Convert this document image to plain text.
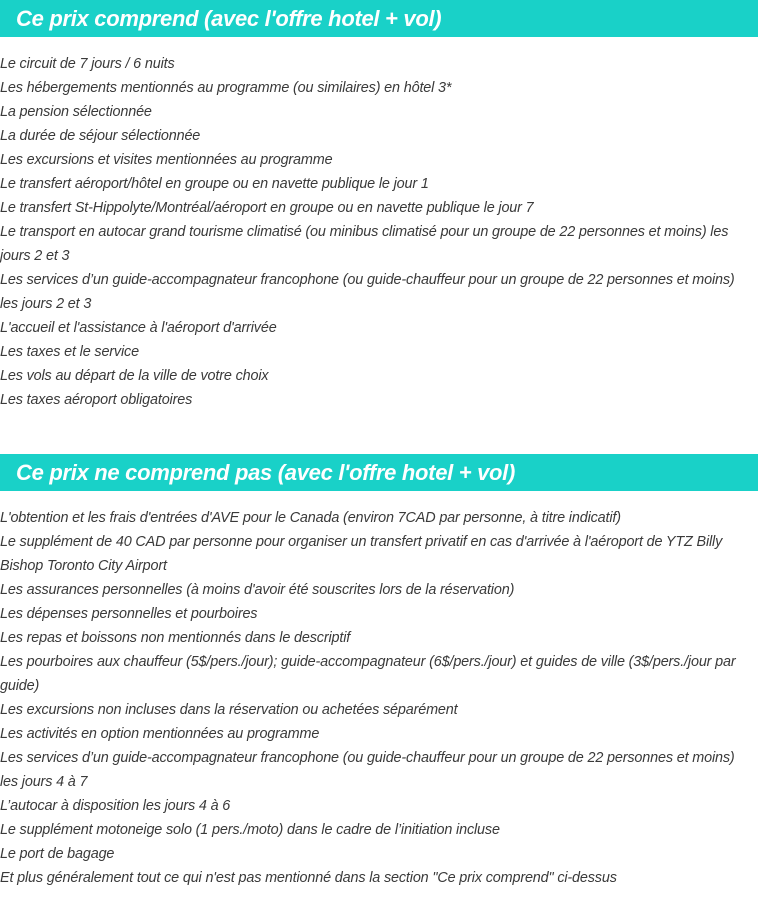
Ce prix comprend (avec l'offre hotel + vol)
Le circuit de 7 jours / 6 nuits
Les hébergements mentionnés au programme (ou similaires) en hôtel 3*
La pension sélectionnée
La durée de séjour sélectionnée
Les excursions et visites mentionnées au programme
Le transfert aéroport/hôtel en groupe ou en navette publique le jour 1
Le transfert St-Hippolyte/Montréal/aéroport en groupe ou en navette publique le jour 7
Le transport en autocar grand tourisme climatisé (ou minibus climatisé pour un groupe de 22 personnes et moins) les jours 2 et 3
Les services d’un guide-accompagnateur francophone (ou guide-chauffeur pour un groupe de 22 personnes et moins) les jours 2 et 3
L'accueil et l'assistance à l'aéroport d'arrivée
Les taxes et le service
Les vols au départ de la ville de votre choix
Les taxes aéroport obligatoires
Ce prix ne comprend pas (avec l'offre hotel + vol)
L'obtention et les frais d'entrées d'AVE pour le Canada (environ 7CAD par personne, à titre indicatif)
Le supplément de 40 CAD par personne pour organiser un transfert privatif en cas d'arrivée à l'aéroport de YTZ Billy Bishop Toronto City Airport
Les assurances personnelles (à moins d'avoir été souscrites lors de la réservation)
Les dépenses personnelles et pourboires
Les repas et boissons non mentionnés dans le descriptif
Les pourboires aux chauffeur (5$/pers./jour); guide-accompagnateur (6$/pers./jour) et guides de ville (3$/pers./jour par guide)
Les excursions non incluses dans la réservation ou achetées séparément
Les activités en option mentionnées au programme
Les services d’un guide-accompagnateur francophone (ou guide-chauffeur pour un groupe de 22 personnes et moins) les jours 4 à 7
L’autocar à disposition les jours 4 à 6
Le supplément motoneige solo (1 pers./moto) dans le cadre de l’initiation incluse
Le port de bagage
Et plus généralement tout ce qui n'est pas mentionné dans la section "Ce prix comprend" ci-dessus
